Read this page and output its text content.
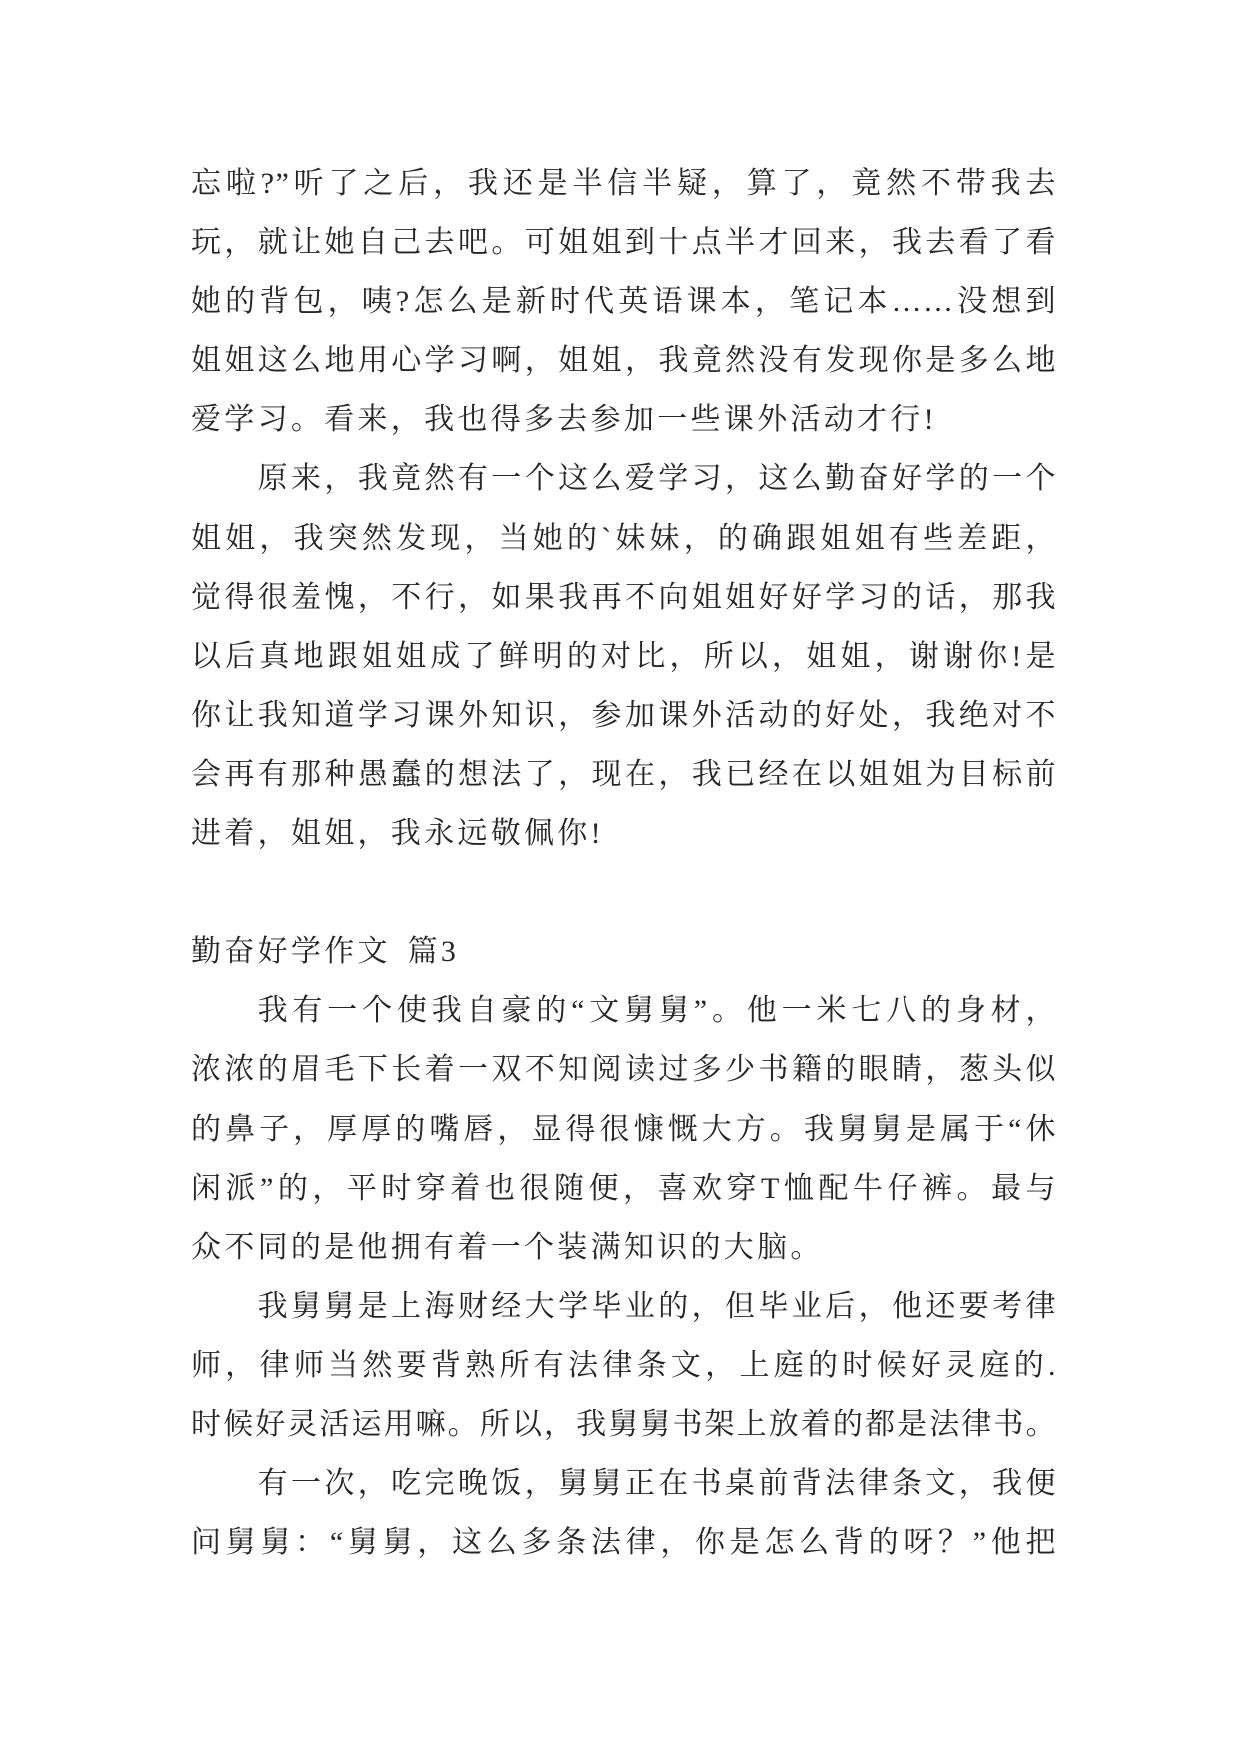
忘啦?”听了之后，我还是半信半疑，算了，竟然不带我去
玩，就让她自己去吧。可姐姐到十点半才回来，我去看了看
她的背包，咦?怎么是新时代英语课本，笔记本……没想到
姐姐这么地用心学习啊，姐姐，我竟然没有发现你是多么地
爱学习。看来，我也得多去参加一些课外活动才行!
原来，我竟然有一个这么爱学习，这么勤奋好学的一个
姐姐，我突然发现，当她的`妹妹，的确跟姐姐有些差距，
觉得很羞愧，不行，如果我再不向姐姐好好学习的话，那我
以后真地跟姐姐成了鲜明的对比，所以，姐姐，谢谢你!是
你让我知道学习课外知识，参加课外活动的好处，我绝对不
会再有那种愚蠢的想法了，现在，我已经在以姐姐为目标前
进着，姐姐，我永远敬佩你!
勤奋好学作文 篇3
我有一个使我自豪的“文舅舅”。他一米七八的身材，
浓浓的眉毛下长着一双不知阅读过多少书籍的眼睛，葱头似
的鼻子，厚厚的嘴唇，显得很慷慨大方。我舅舅是属于“休
闲派”的，平时穿着也很随便，喜欢穿T恤配牛仔裤。最与
众不同的是他拥有着一个装满知识的大脑。
我舅舅是上海财经大学毕业的，但毕业后，他还要考律
师，律师当然要背熟所有法律条文，上庭的时候好灵庭的.
时候好灵活运用嘛。所以，我舅舅书架上放着的都是法律书。
有一次，吃完晚饭，舅舅正在书桌前背法律条文，我便
问舅舅：“舅舅，这么多条法律，你是怎么背的呀？”他把
